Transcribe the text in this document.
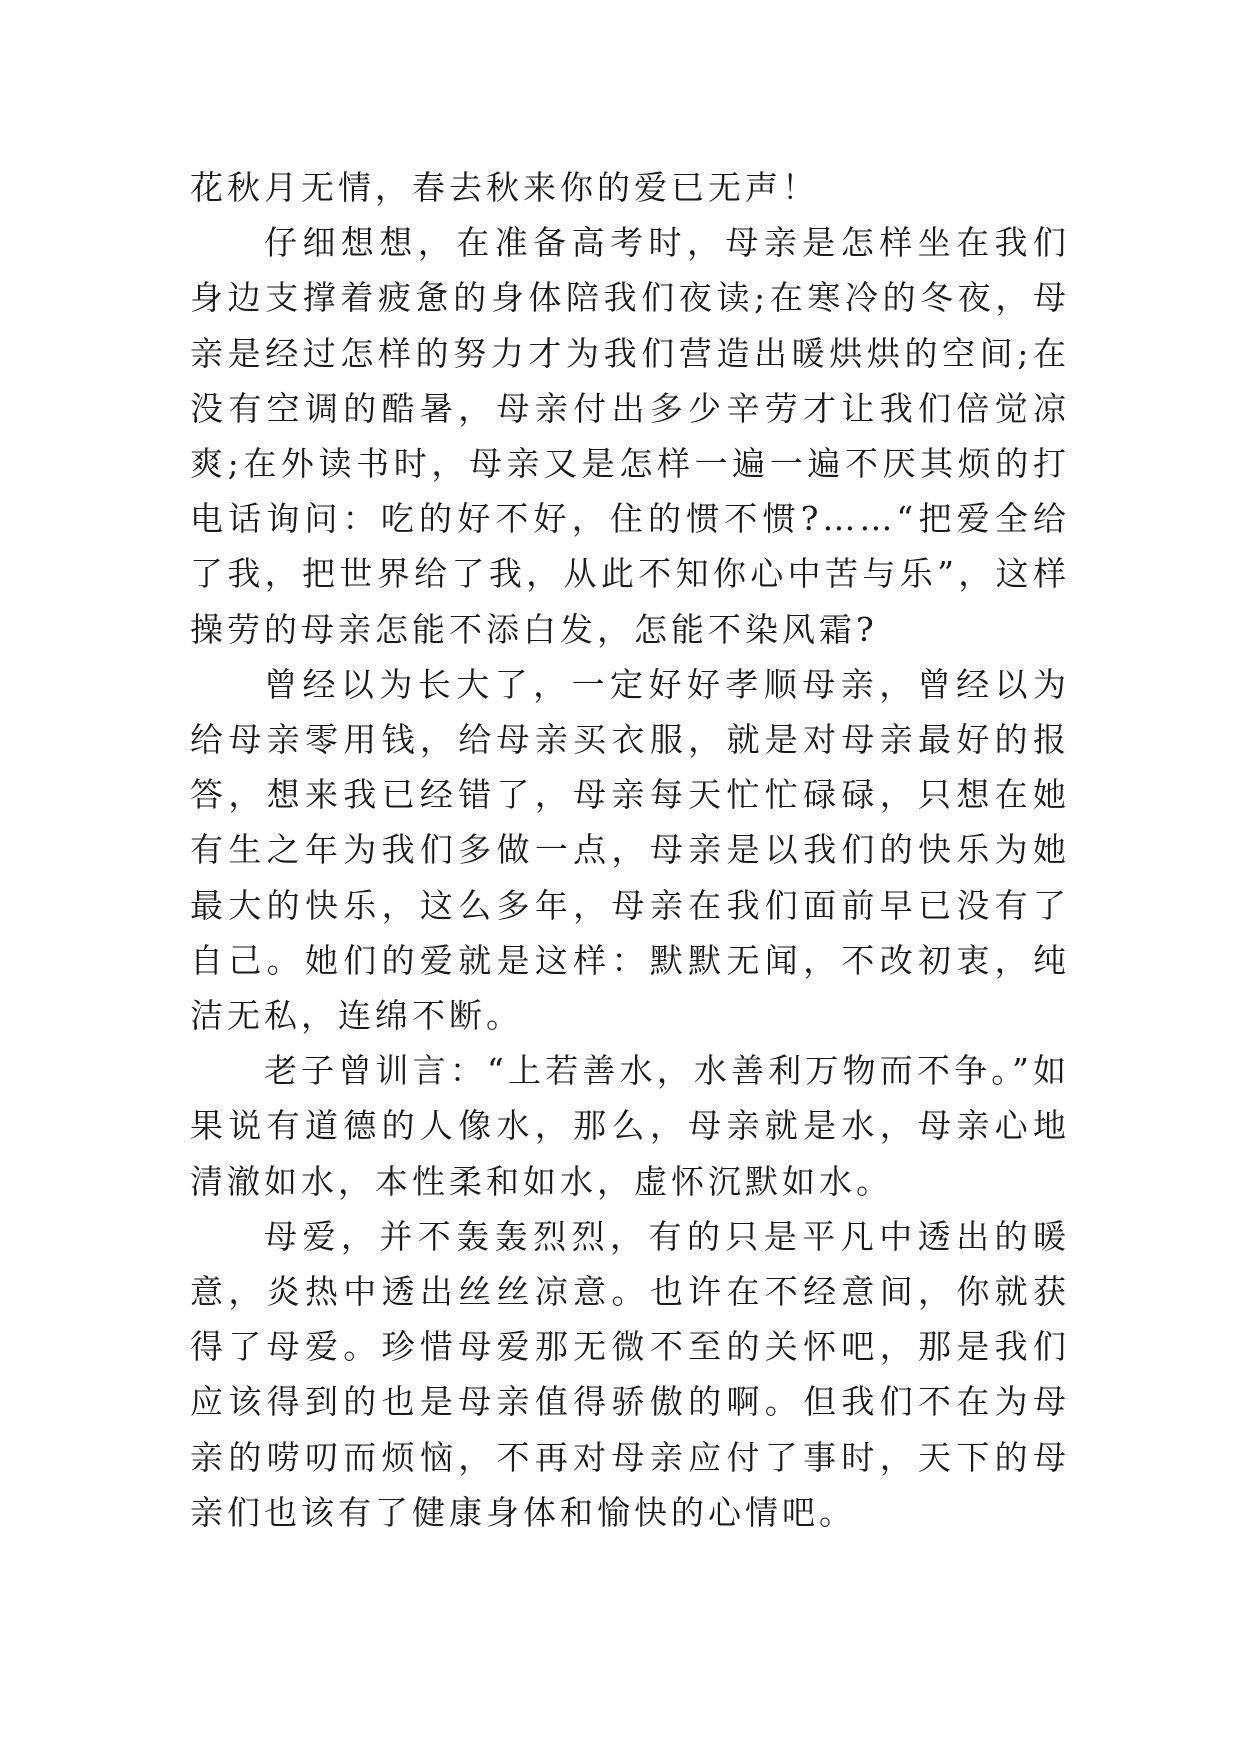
花秋月无情，春去秋来你的爱已无声！

仔细想想，在准备高考时，母亲是怎样坐在我们身边支撑着疲惫的身体陪我们夜读;在寒冷的冬夜，母亲是经过怎样的努力才为我们营造出暖烘烘的空间;在没有空调的酷暑，母亲付出多少辛劳才让我们倍觉凉爽;在外读书时，母亲又是怎样一遍一遍不厌其烦的打电话询问：吃的好不好，住的惯不惯?……“把爱全给了我，把世界给了我，从此不知你心中苦与乐”，这样操劳的母亲怎能不添白发，怎能不染风霜?

曾经以为长大了，一定好好孝顺母亲，曾经以为给母亲零用钱，给母亲买衣服，就是对母亲最好的报答，想来我已经错了，母亲每天忙忙碌碌，只想在她有生之年为我们多做一点，母亲是以我们的快乐为她最大的快乐，这么多年，母亲在我们面前早已没有了自己。她们的爱就是这样：默默无闻，不改初衷，纯洁无私，连绵不断。

老子曾训言：“上若善水，水善利万物而不争。”如果说有道德的人像水，那么，母亲就是水，母亲心地清澈如水，本性柔和如水，虚怀沉默如水。

母爱，并不轰轰烈烈，有的只是平凡中透出的暖意，炎热中透出丝丝凉意。也许在不经意间，你就获得了母爱。珍惜母爱那无微不至的关怀吧，那是我们应该得到的也是母亲值得骄傲的啊。但我们不在为母亲的唠叨而烦恼，不再对母亲应付了事时，天下的母亲们也该有了健康身体和愉快的心情吧。
